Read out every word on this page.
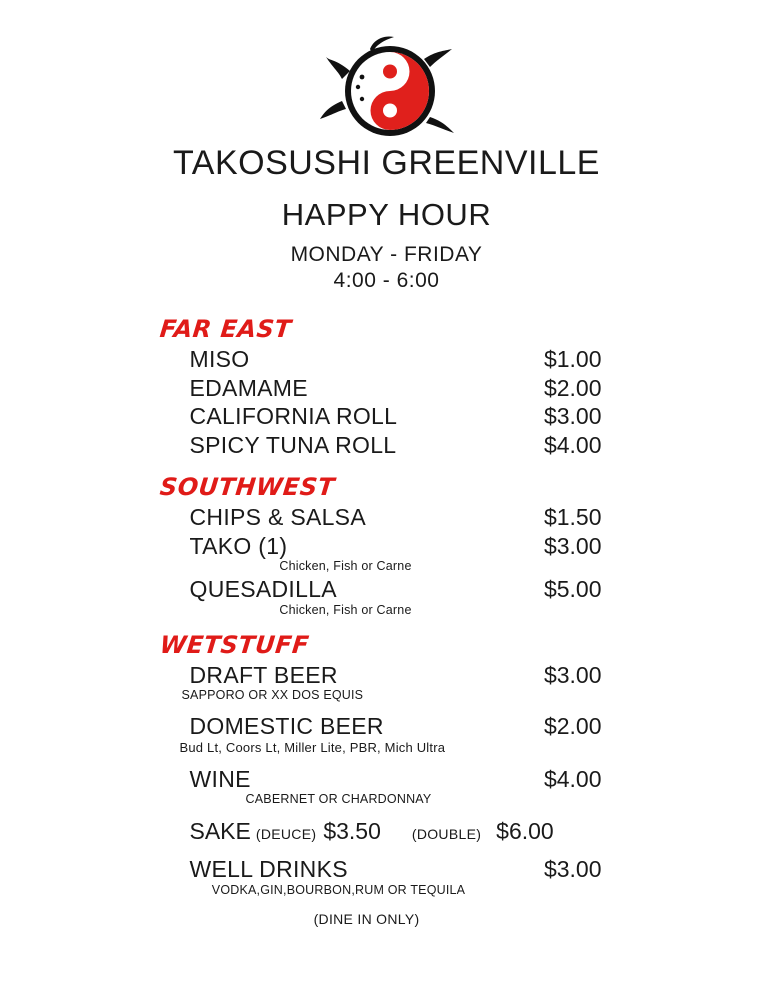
TAKOSUSHI GREENVILLE
HAPPY HOUR
MONDAY - FRIDAY
4:00 - 6:00
FAR EAST
MISO	$1.00
EDAMAME	$2.00
CALIFORNIA ROLL	$3.00
SPICY TUNA ROLL	$4.00
SOUTHWEST
CHIPS & SALSA	$1.50
TAKO (1)	$3.00
Chicken, Fish or Carne
QUESADILLA	$5.00
Chicken, Fish or Carne
WETSTUFF
DRAFT BEER	$3.00
SAPPORO OR XX DOS EQUIS
DOMESTIC BEER	$2.00
Bud Lt, Coors Lt, Miller Lite, PBR, Mich Ultra
WINE	$4.00
CABERNET OR CHARDONNAY
SAKE (DEUCE) $3.50	(DOUBLE) $6.00
WELL DRINKS	$3.00
VODKA,GIN,BOURBON,RUM OR TEQUILA
(DINE IN ONLY)
